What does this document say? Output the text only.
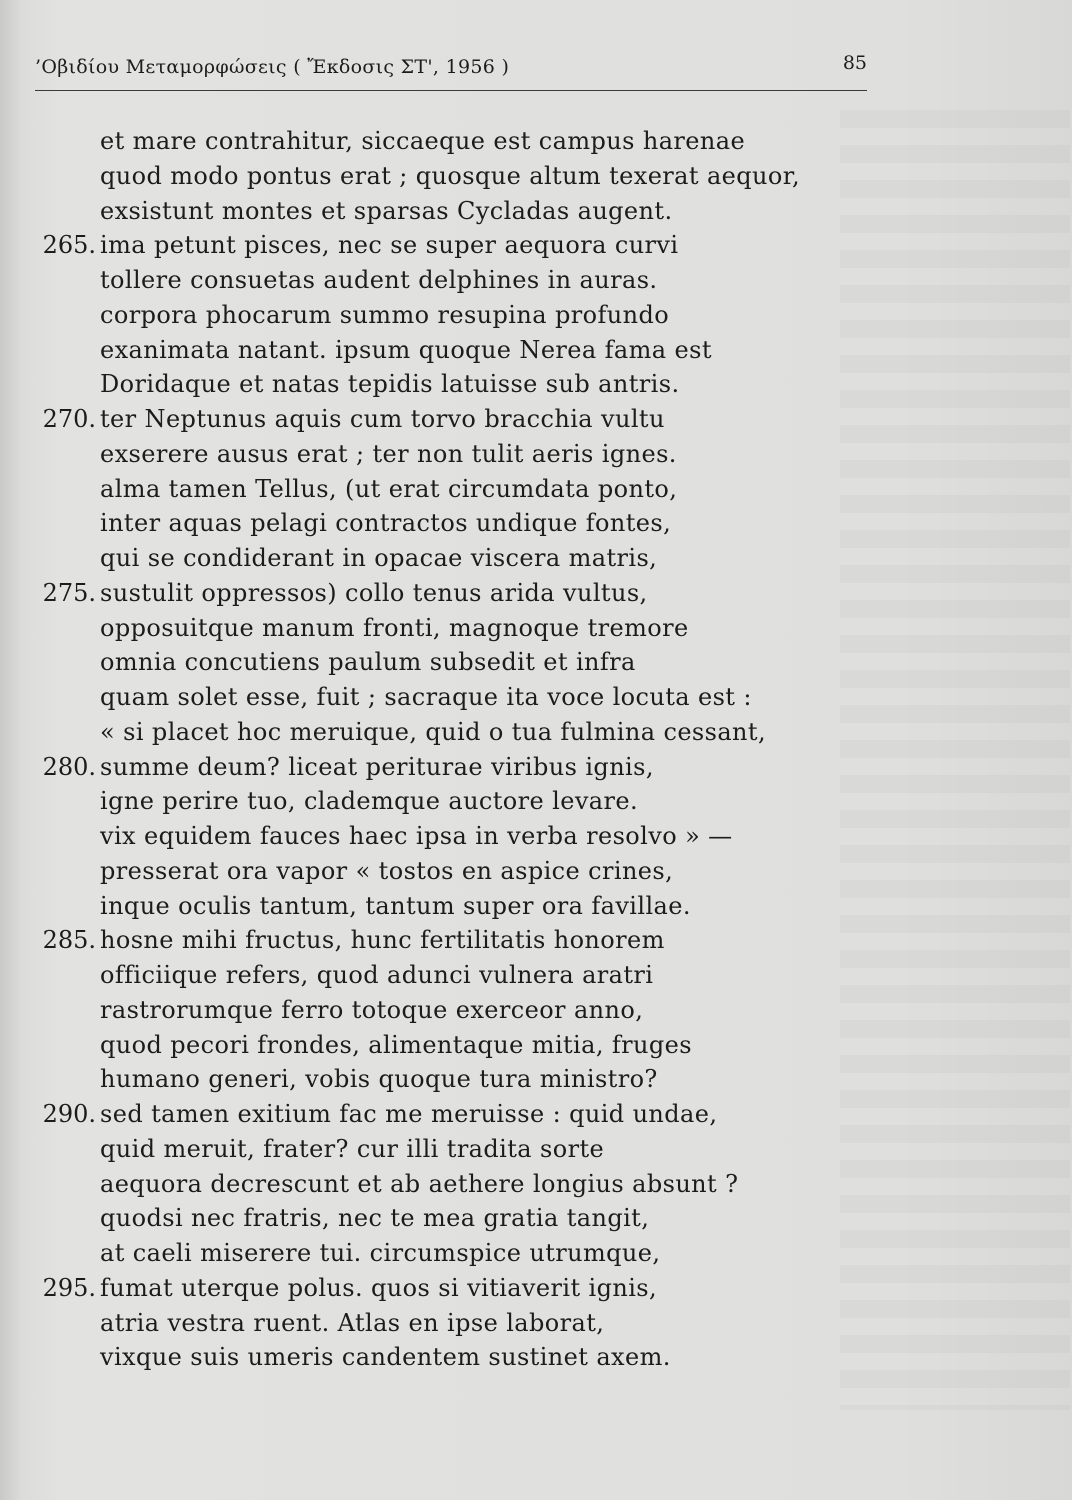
’Οβιδίου Μεταμορφώσεις ( Ἔκδοσις ΣΤ', 1956 )	85
et mare contrahitur, siccaeque est campus harenae
quod modo pontus erat ; quosque altum texerat aequor,
exsistunt montes et sparsas Cycladas augent.
265. ima petunt pisces, nec se super aequora curvi
tollere consuetas audent delphines in auras.
corpora phocarum summo resupina profundo
exanimata natant. ipsum quoque Nerea fama est
Doridaque et natas tepidis latuisse sub antris.
270. ter Neptunus aquis cum torvo bracchia vultu
exserere ausus erat ; ter non tulit aeris ignes.
alma tamen Tellus, (ut erat circumdata ponto,
inter aquas pelagi contractos undique fontes,
qui se condiderant in opacae viscera matris,
275. sustulit oppressos) collo tenus arida vultus,
opposuitque manum fronti, magnoque tremore
omnia concutiens paulum subsedit et infra
quam solet esse, fuit ; sacraque ita voce locuta est :
« si placet hoc meruique, quid o tua fulmina cessant,
280. summe deum? liceat periturae viribus ignis,
igne perire tuo, clademque auctore levare.
vix equidem fauces haec ipsa in verba resolvo » —
presserat ora vapor « tostos en aspice crines,
inque oculis tantum, tantum super ora favillae.
285. hosne mihi fructus, hunc fertilitatis honorem
officiique refers, quod adunci vulnera aratri
rastrorumque ferro totoque exerceor anno,
quod pecori frondes, alimentaque mitia, fruges
humano generi, vobis quoque tura ministro?
290. sed tamen exitium fac me meruisse : quid undae,
quid meruit, frater? cur illi tradita sorte
aequora decrescunt et ab aethere longius absunt ?
quodsi nec fratris, nec te mea gratia tangit,
at caeli miserere tui. circumspice utrumque,
295. fumat uterque polus. quos si vitiaverit ignis,
atria vestra ruent. Atlas en ipse laborat,
vixque suis umeris candentem sustinet axem.
